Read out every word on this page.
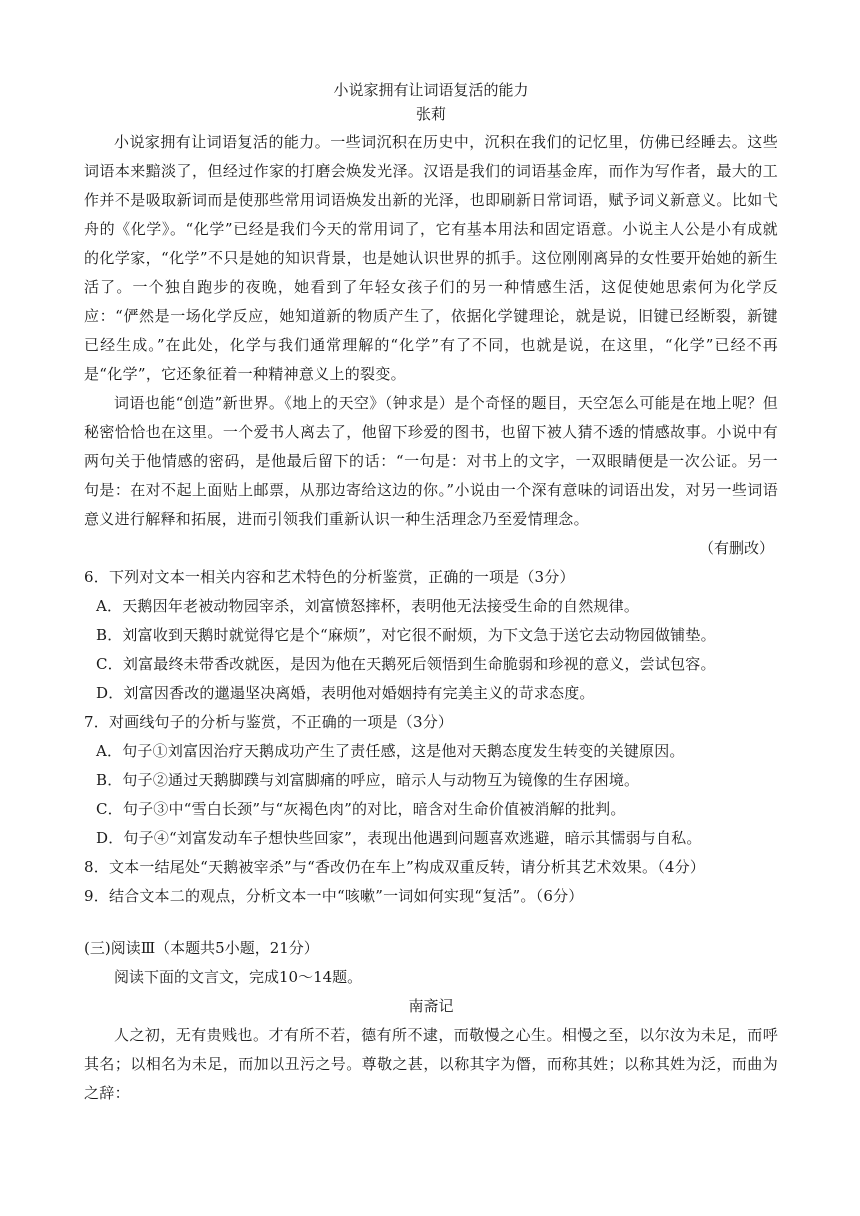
小说家拥有让词语复活的能力

张莉

小说家拥有让词语复活的能力。一些词沉积在历史中，沉积在我们的记忆里，仿佛已经睡去。这些词语本来黯淡了，但经过作家的打磨会焕发光泽。汉语是我们的词语基金库，而作为写作者，最大的工作并不是吸取新词而是使那些常用词语焕发出新的光泽，也即刷新日常词语，赋予词义新意义。比如弋舟的《化学》。“化学”已经是我们今天的常用词了，它有基本用法和固定语意。小说主人公是小有成就的化学家，“化学”不只是她的知识背景，也是她认识世界的抓手。这位刚刚离异的女性要开始她的新生活了。一个独自跑步的夜晚，她看到了年轻女孩子们的另一种情感生活，这促使她思索何为化学反应：“俨然是一场化学反应，她知道新的物质产生了，依据化学键理论，就是说，旧键已经断裂，新键已经生成。”在此处，化学与我们通常理解的“化学”有了不同，也就是说，在这里，“化学”已经不再是“化学”，它还象征着一种精神意义上的裂变。

词语也能“创造”新世界。《地上的天空》（钟求是）是个奇怪的题目，天空怎么可能是在地上呢？但秘密恰恰也在这里。一个爱书人离去了，他留下珍爱的图书，也留下被人猜不透的情感故事。小说中有两句关于他情感的密码，是他最后留下的话：“一句是：对书上的文字，一双眼睛便是一次公证。另一句是：在对不起上面贴上邮票，从那边寄给这边的你。”小说由一个深有意味的词语出发，对另一些词语意义进行解释和拓展，进而引领我们重新认识一种生活理念乃至爱情理念。

（有删改）

6．下列对文本一相关内容和艺术特色的分析鉴赏，正确的一项是（3分）

A．天鹅因年老被动物园宰杀，刘富愤怒摔杯，表明他无法接受生命的自然规律。

B．刘富收到天鹅时就觉得它是个“麻烦”，对它很不耐烦，为下文急于送它去动物园做铺垫。

C．刘富最终未带香改就医，是因为他在天鹅死后领悟到生命脆弱和珍视的意义，尝试包容。

D．刘富因香改的邋遢坚决离婚，表明他对婚姻持有完美主义的苛求态度。

7．对画线句子的分析与鉴赏，不正确的一项是（3分）

A．句子①刘富因治疗天鹅成功产生了责任感，这是他对天鹅态度发生转变的关键原因。

B．句子②通过天鹅脚蹼与刘富脚痛的呼应，暗示人与动物互为镜像的生存困境。

C．句子③中“雪白长颈”与“灰褐色肉”的对比，暗含对生命价值被消解的批判。

D．句子④“刘富发动车子想快些回家”，表现出他遇到问题喜欢逃避，暗示其懦弱与自私。

8．文本一结尾处“天鹅被宰杀”与“香改仍在车上”构成双重反转，请分析其艺术效果。（4分）

9．结合文本二的观点，分析文本一中“咳嗽”一词如何实现“复活”。（6分）

(三)阅读Ⅲ（本题共5小题，21分）

阅读下面的文言文，完成10～14题。

南斋记

人之初，无有贵贱也。才有所不若，德有所不逮，而敬慢之心生。相慢之至，以尔汝为未足，而呼其名；以相名为未足，而加以丑污之号。尊敬之甚，以称其字为僭，而称其姓；以称其姓为泛，而曲为之辞：
